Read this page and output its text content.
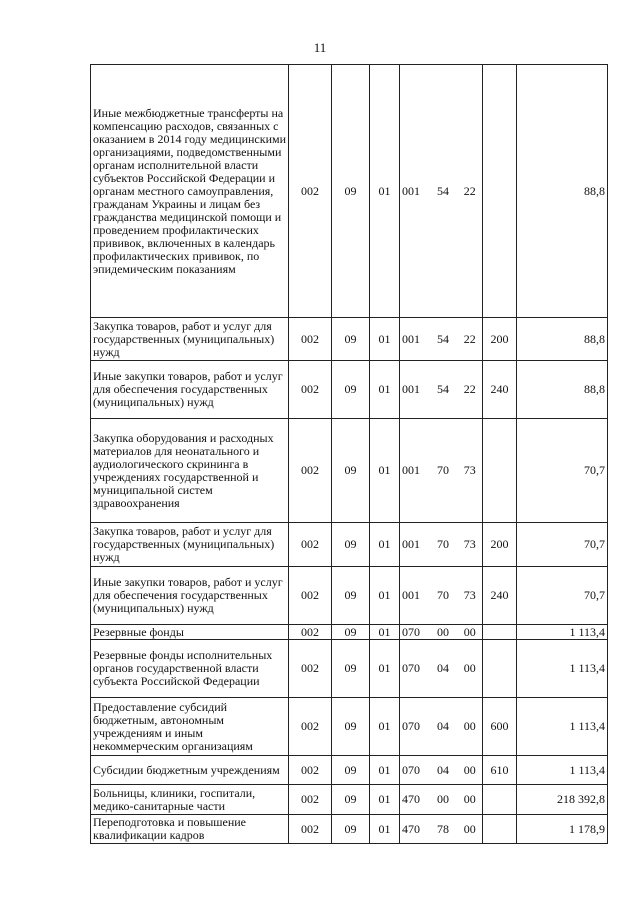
11
Иные межбюджетные трансферты на компенсацию расходов, связанных с оказанием в 2014 году медицинскими организациями, подведомственными органам исполнительной власти субъектов Российской Федерации и органам местного самоуправления, гражданам Украины и лицам без гражданства медицинской помощи и проведением профилактических прививок, включенных в календарь профилактических прививок, по эпидемическим показаниям	002	09	01	001	54	22		88,8
Закупка товаров, работ и услуг для государственных (муниципальных) нужд	002	09	01	001	54	22	200	88,8
Иные закупки товаров, работ и услуг для обеспечения государственных (муниципальных) нужд	002	09	01	001	54	22	240	88,8
Закупка оборудования и расходных материалов для неонатального и аудиологического скрининга в учреждениях государственной и муниципальной систем здравоохранения	002	09	01	001	70	73		70,7
Закупка товаров, работ и услуг для государственных (муниципальных) нужд	002	09	01	001	70	73	200	70,7
Иные закупки товаров, работ и услуг для обеспечения государственных (муниципальных) нужд	002	09	01	001	70	73	240	70,7
Резервные фонды	002	09	01	070	00	00		1 113,4
Резервные фонды исполнительных органов государственной власти субъекта Российской Федерации	002	09	01	070	04	00		1 113,4
Предоставление субсидий бюджетным, автономным учреждениям и иным некоммерческим организациям	002	09	01	070	04	00	600	1 113,4
Субсидии бюджетным учреждениям	002	09	01	070	04	00	610	1 113,4
Больницы, клиники, госпитали, медико-санитарные части	002	09	01	470	00	00		218 392,8
Переподготовка и повышение квалификации кадров	002	09	01	470	78	00		1 178,9
